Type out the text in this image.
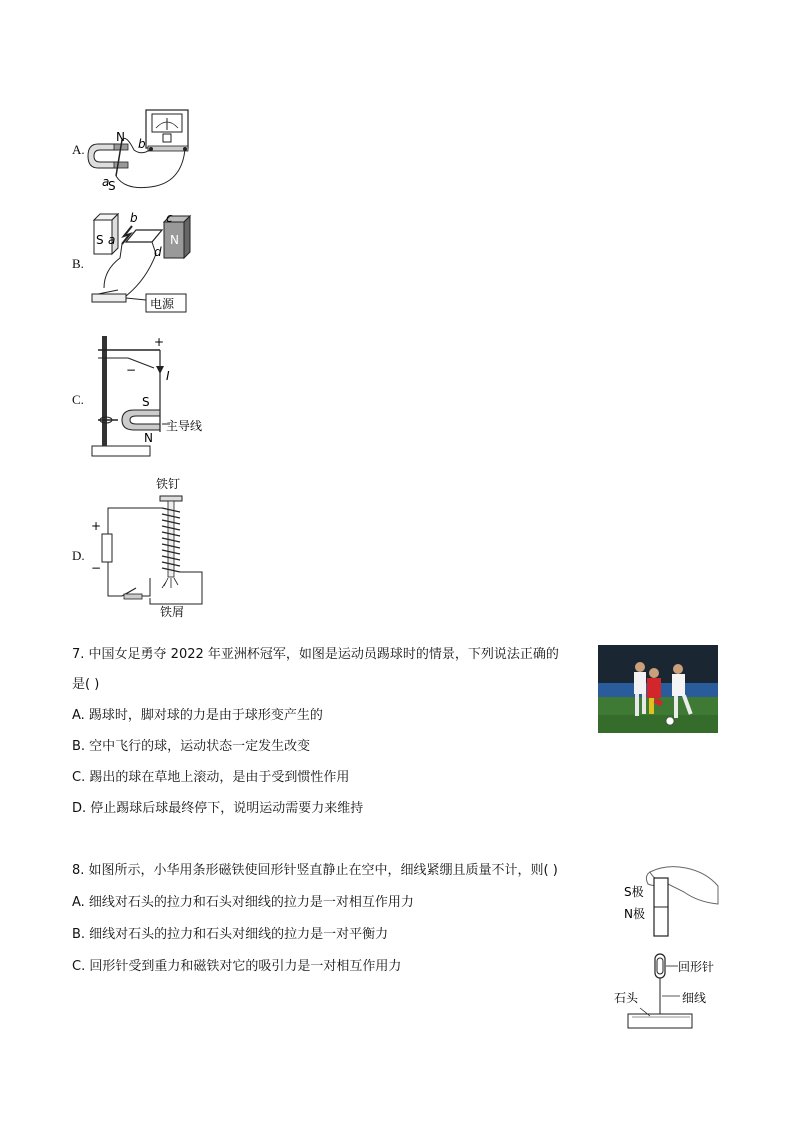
A.
N b
a
S
B.
S a
b c
d
N
电源
C.
+
− I
S
N
主导线
D.
铁钉
+
−
铁屑
7. 中国女足勇夺 2022 年亚洲杯冠军，如图是运动员踢球时的情景，下列说法正确的
是( )
A. 踢球时，脚对球的力是由于球形变产生的
B. 空中飞行的球，运动状态一定发生改变
C. 踢出的球在草地上滚动，是由于受到惯性作用
D. 停止踢球后球最终停下，说明运动需要力来维持
8. 如图所示，小华用条形磁铁使回形针竖直静止在空中，细线紧绷且质量不计，则( )
A. 细线对石头的拉力和石头对细线的拉力是一对相互作用力
B. 细线对石头的拉力和石头对细线的拉力是一对平衡力
C. 回形针受到重力和磁铁对它的吸引力是一对相互作用力
S极
N极
回形针
石头	细线
